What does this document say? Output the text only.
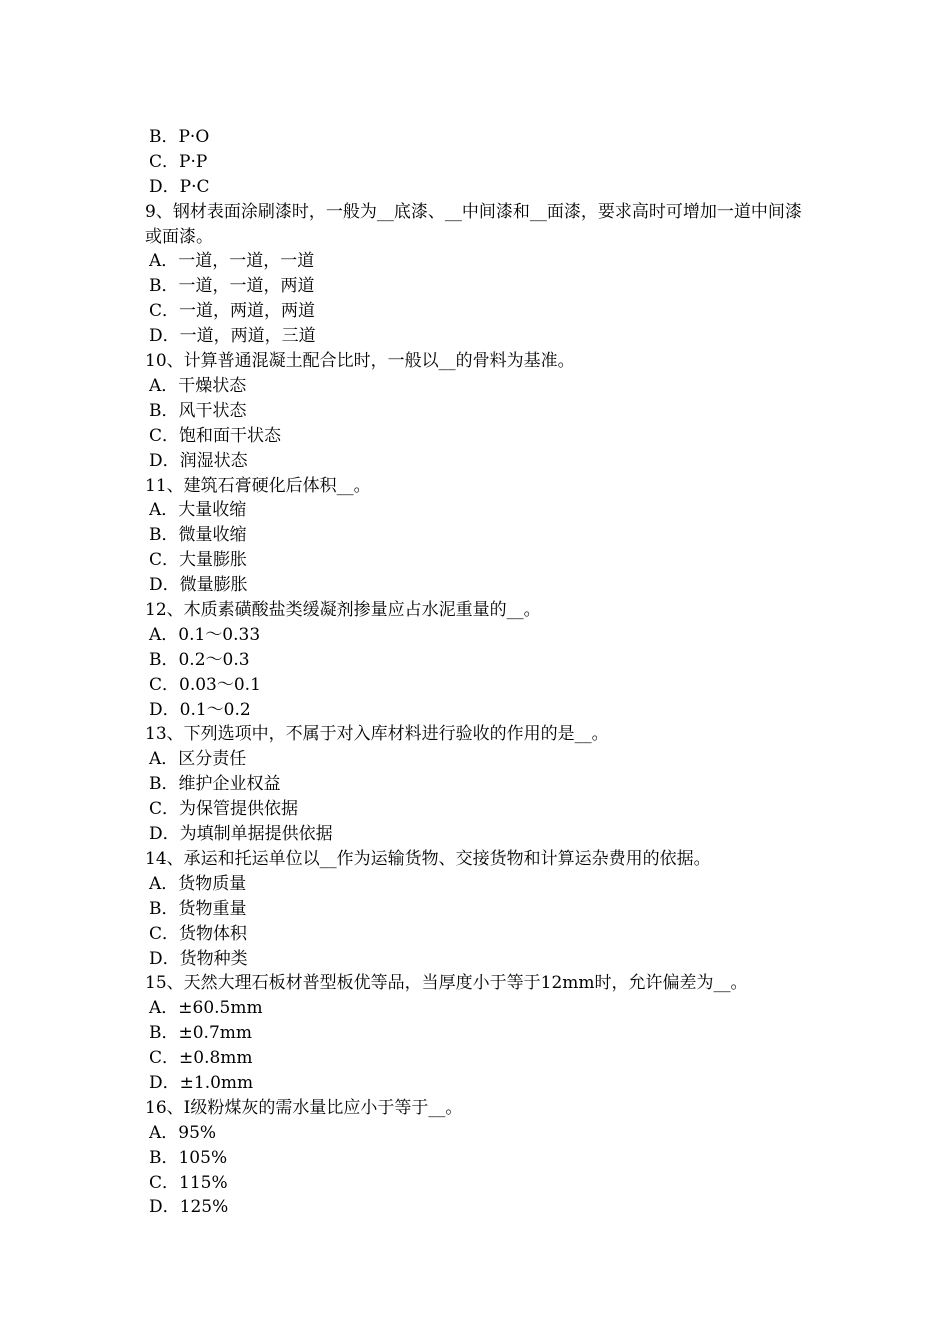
B．P·O
C．P·P
D．P·C
9、钢材表面涂刷漆时，一般为__底漆、__中间漆和__面漆，要求高时可增加一道中间漆或面漆。
A．一道，一道，一道
B．一道，一道，两道
C．一道，两道，两道
D．一道，两道，三道
10、计算普通混凝土配合比时，一般以__的骨料为基准。
A．干燥状态
B．风干状态
C．饱和面干状态
D．润湿状态
11、建筑石膏硬化后体积__。
A．大量收缩
B．微量收缩
C．大量膨胀
D．微量膨胀
12、木质素磺酸盐类缓凝剂掺量应占水泥重量的__。
A．0.1～0.33
B．0.2～0.3
C．0.03～0.1
D．0.1～0.2
13、下列选项中，不属于对入库材料进行验收的作用的是__。
A．区分责任
B．维护企业权益
C．为保管提供依据
D．为填制单据提供依据
14、承运和托运单位以__作为运输货物、交接货物和计算运杂费用的依据。
A．货物质量
B．货物重量
C．货物体积
D．货物种类
15、天然大理石板材普型板优等品，当厚度小于等于12mm时，允许偏差为__。
A．±60.5mm
B．±0.7mm
C．±0.8mm
D．±1.0mm
16、Ⅰ级粉煤灰的需水量比应小于等于__。
A．95%
B．105%
C．115%
D．125%
